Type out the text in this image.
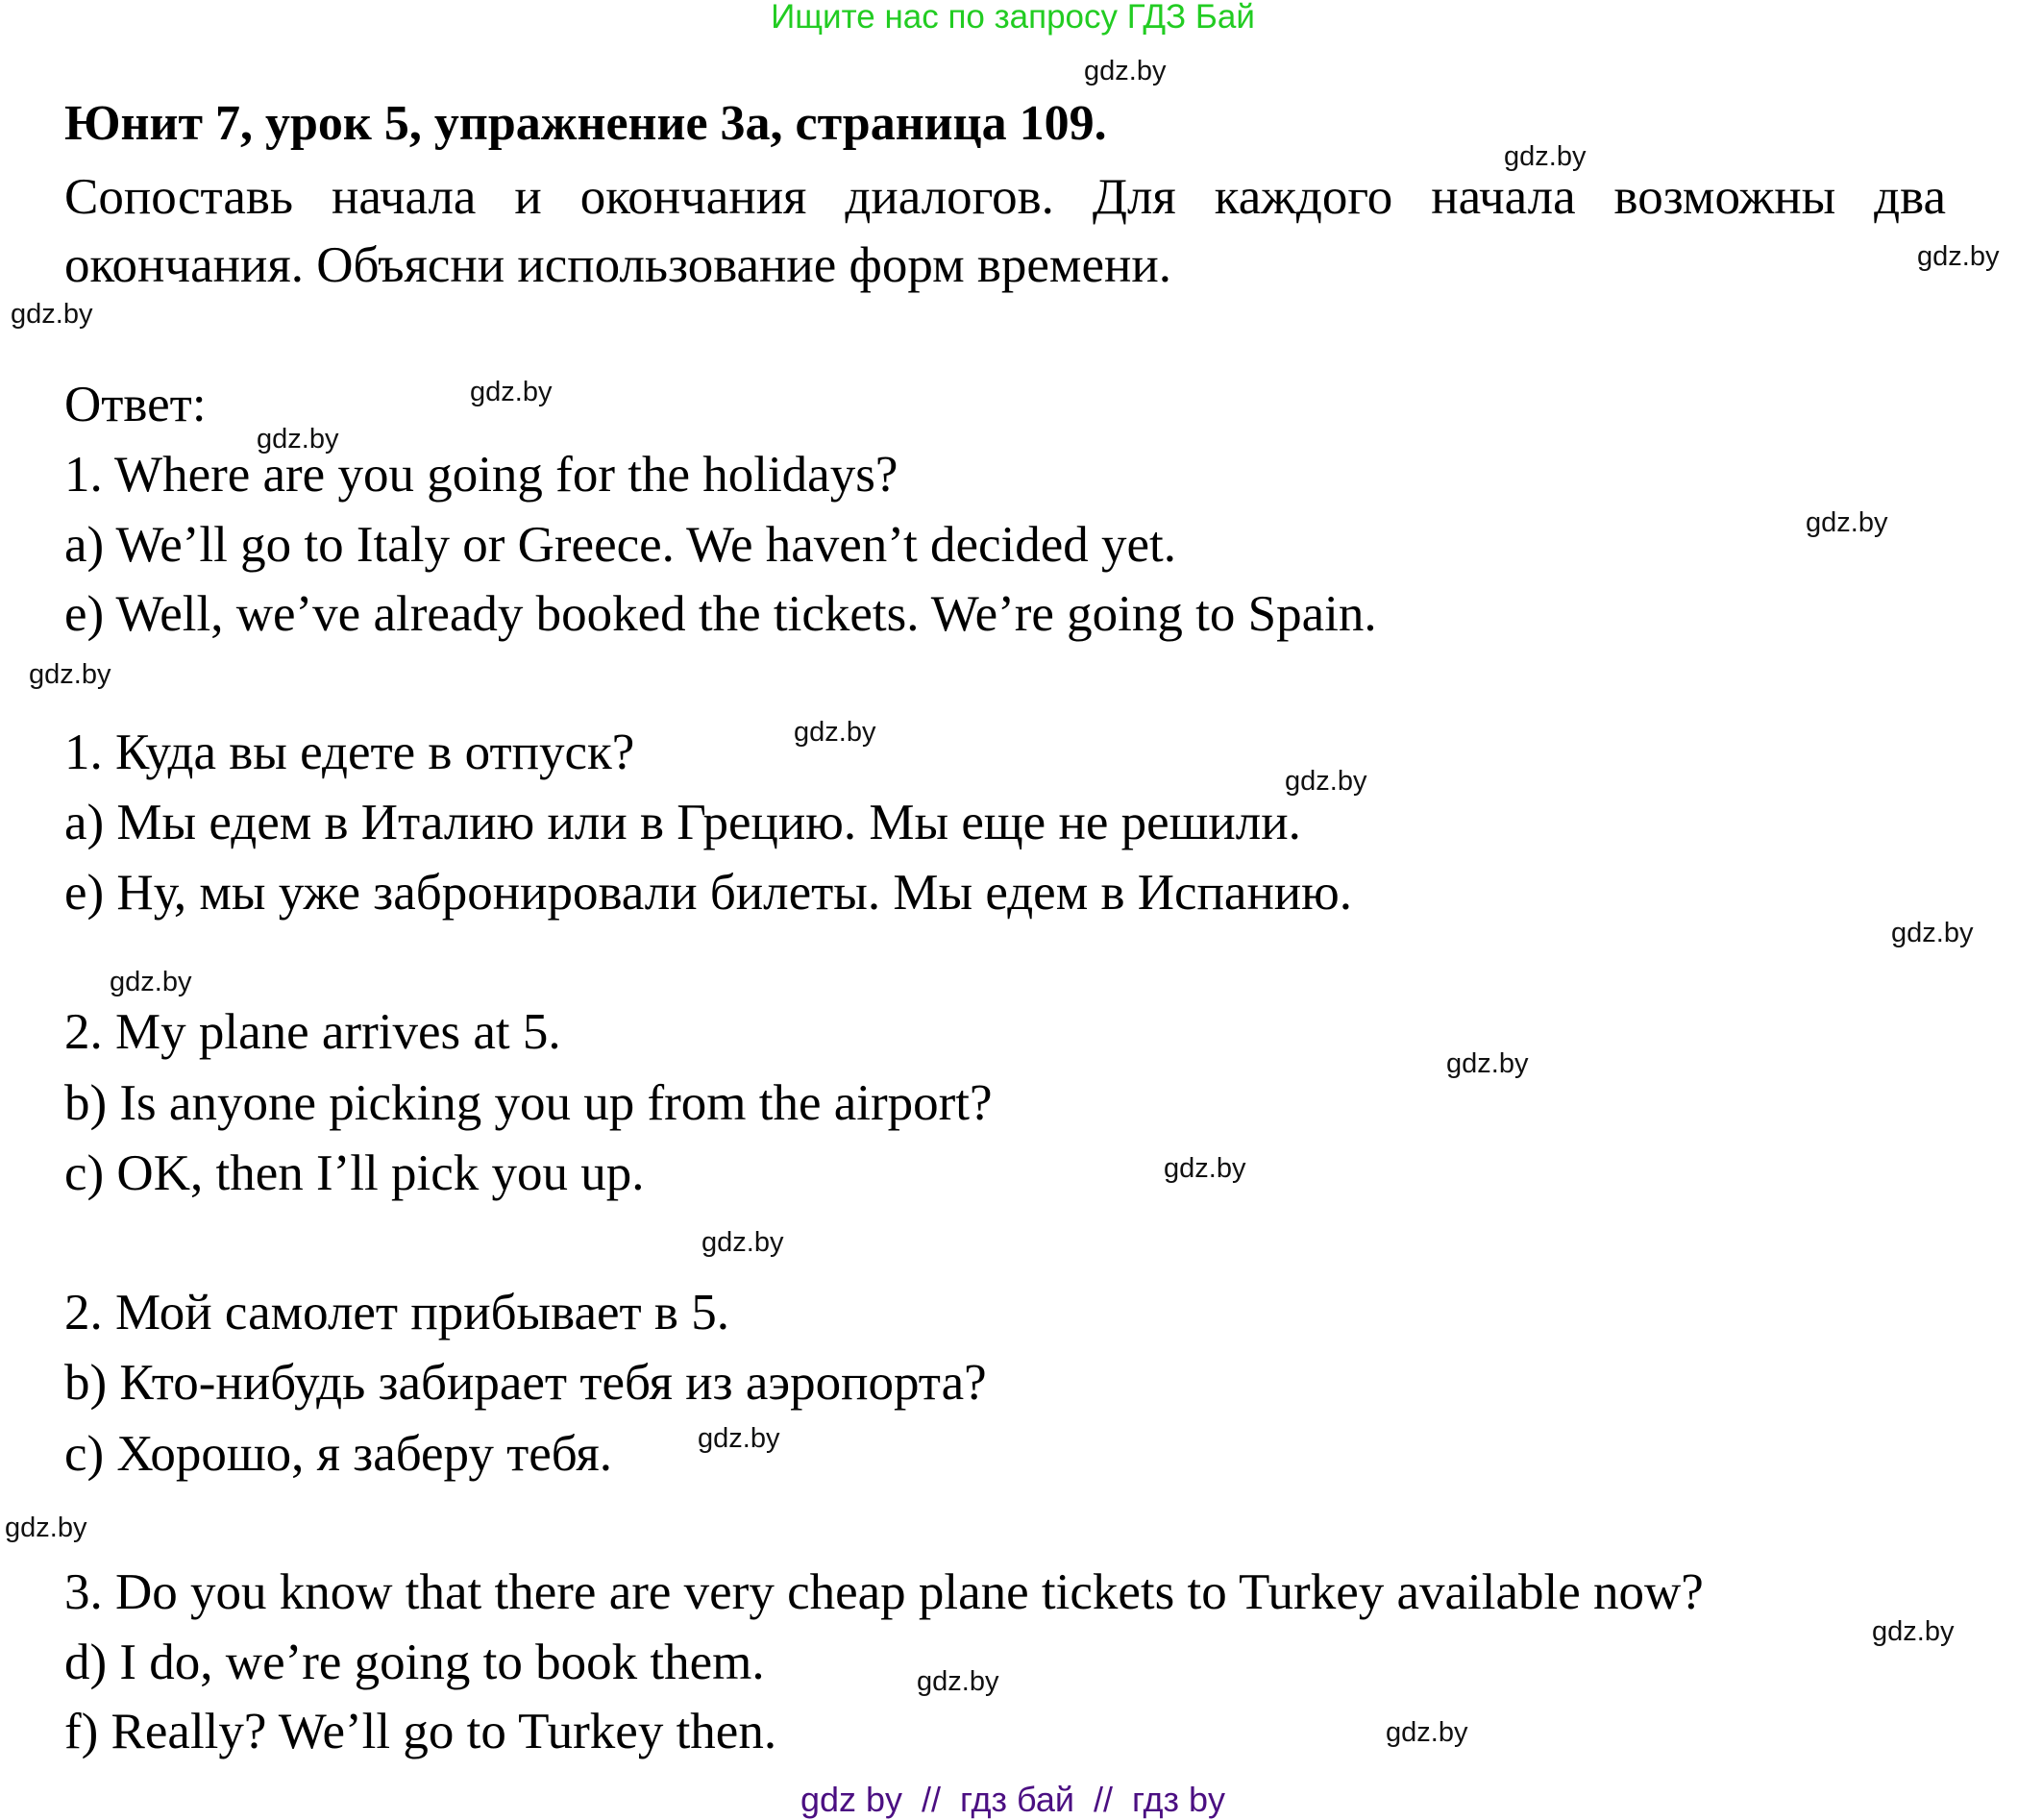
Ищите нас по запросу ГДЗ Бай
Юнит 7, урок 5, упражнение 3a, страница 109.
Сопоставь начала и окончания диалогов. Для каждого начала возможны два
окончания. Объясни использование форм времени.
Ответ:
1. Where are you going for the holidays?
a) We’ll go to Italy or Greece. We haven’t decided yet.
e) Well, we’ve already booked the tickets. We’re going to Spain.
1. Куда вы едете в отпуск?
a) Мы едем в Италию или в Грецию. Мы еще не решили.
e) Ну, мы уже забронировали билеты. Мы едем в Испанию.
2. My plane arrives at 5.
b) Is anyone picking you up from the airport?
c) OK, then I’ll pick you up.
2. Мой самолет прибывает в 5.
b) Кто-нибудь забирает тебя из аэропорта?
c) Хорошо, я заберу тебя.
3. Do you know that there are very cheap plane tickets to Turkey available now?
d) I do, we’re going to book them.
f) Really? We’ll go to Turkey then.
gdz.by
gdz.by
gdz.by
gdz.by
gdz.by
gdz.by
gdz.by
gdz.by
gdz.by
gdz.by
gdz.by
gdz.by
gdz.by
gdz.by
gdz.by
gdz.by
gdz.by
gdz.by
gdz.by
gdz.by
gdz by  //  гдз бай  //  гдз by
